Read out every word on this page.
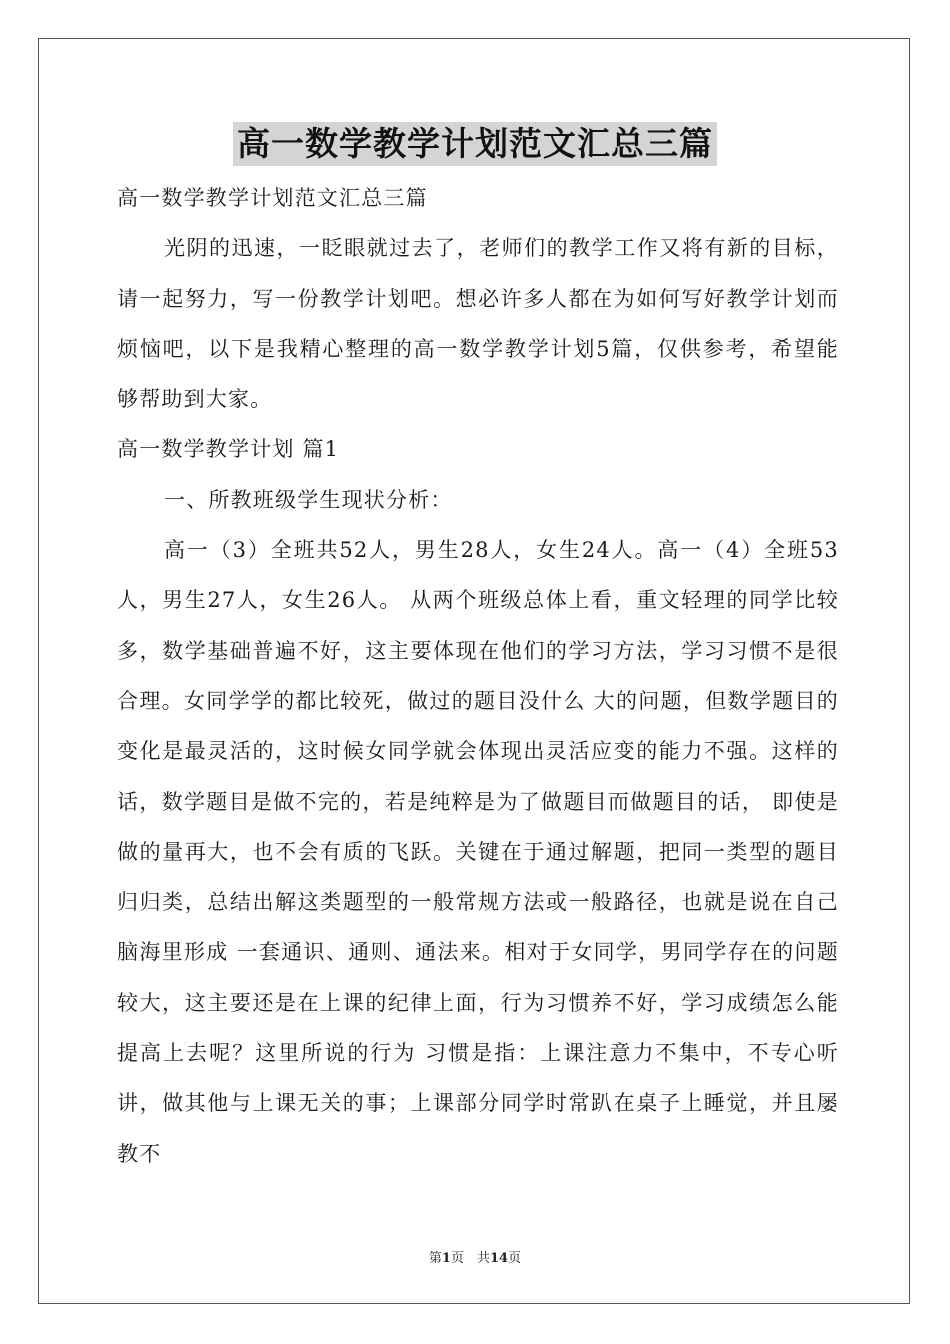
高一数学教学计划范文汇总三篇

高一数学教学计划范文汇总三篇

光阴的迅速，一眨眼就过去了，老师们的教学工作又将有新的目标，请一起努力，写一份教学计划吧。想必许多人都在为如何写好教学计划而烦恼吧，以下是我精心整理的高一数学教学计划5篇，仅供参考，希望能够帮助到大家。

高一数学教学计划 篇1

一、所教班级学生现状分析：

高一（3）全班共52人，男生28人，女生24人。高一（4）全班53人，男生27人，女生26人。 从两个班级总体上看，重文轻理的同学比较多，数学基础普遍不好，这主要体现在他们的学习方法，学习习惯不是很合理。女同学学的都比较死，做过的题目没什么 大的问题，但数学题目的变化是最灵活的，这时候女同学就会体现出灵活应变的能力不强。这样的话，数学题目是做不完的，若是纯粹是为了做题目而做题目的话， 即使是做的量再大，也不会有质的飞跃。关键在于通过解题，把同一类型的题目归归类，总结出解这类题型的一般常规方法或一般路径，也就是说在自己脑海里形成 一套通识、通则、通法来。相对于女同学，男同学存在的问题较大，这主要还是在上课的纪律上面，行为习惯养不好，学习成绩怎么能提高上去呢？这里所说的行为 习惯是指：上课注意力不集中，不专心听讲，做其他与上课无关的事；上课部分同学时常趴在桌子上睡觉，并且屡教不

第1页　共14页
